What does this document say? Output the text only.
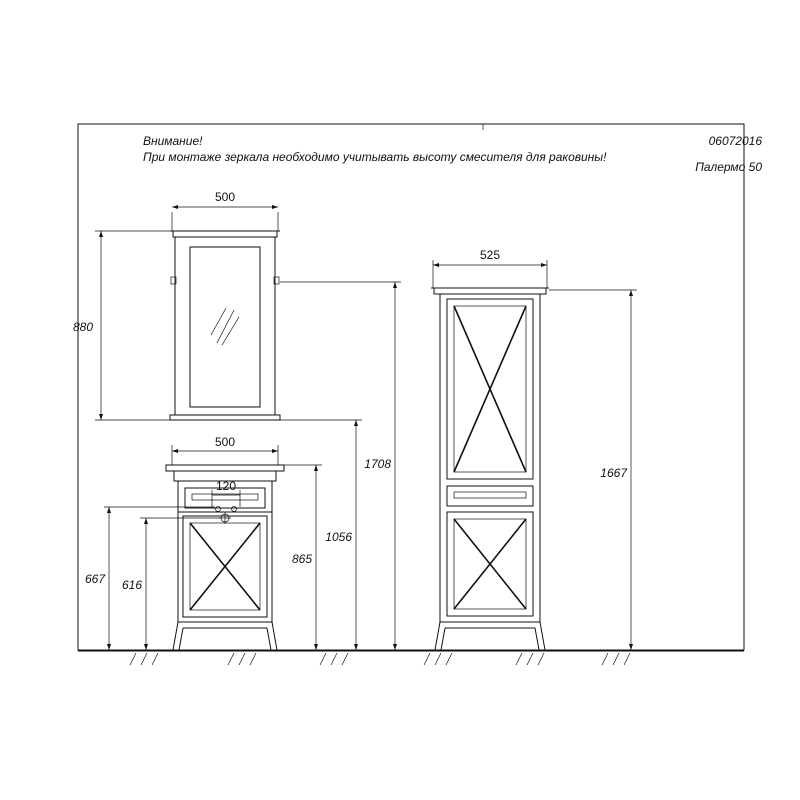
Внимание!
При монтаже зеркала необходимо учитывать высоту смесителя для раковины!
06072016
Палермо 50
500
880
500
120
667 616
865
1056
1708
525
1667
